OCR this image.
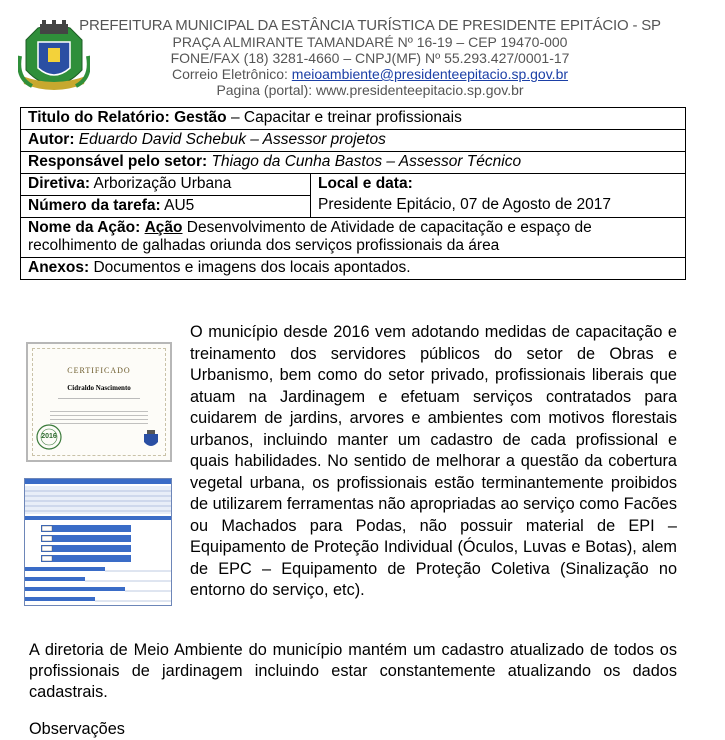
PREFEITURA MUNICIPAL DA ESTÂNCIA TURÍSTICA DE PRESIDENTE EPITÁCIO - SP
PRAÇA ALMIRANTE TAMANDARÉ Nº 16-19 – CEP 19470-000
FONE/FAX (18) 3281-4660 – CNPJ(MF) Nº 55.293.427/0001-17
Correio Eletrônico: meioambiente@presidenteepitacio.sp.gov.br
Pagina (portal): www.presidenteepitacio.sp.gov.br
Titulo do Relatório: Gestão – Capacitar e treinar profissionais
Autor: Eduardo David Schebuk – Assessor projetos
Responsável pelo setor: Thiago da Cunha Bastos – Assessor Técnico
Diretiva: Arborização Urbana	Local e data:
Presidente Epitácio, 07 de Agosto de 2017

Número da tarefa: AU5
Nome da Ação: Ação Desenvolvimento de Atividade de capacitação e espaço de recolhimento de galhadas oriunda dos serviços profissionais da área
Anexos: Documentos e imagens dos locais apontados.
CERTIFICADO
Cidraldo Nascimento
2016
O município desde 2016 vem adotando medidas de capacitação e treinamento dos servidores públicos do setor de Obras e Urbanismo, bem como do setor privado, profissionais liberais que atuam na Jardinagem e efetuam serviços contratados para cuidarem de jardins, arvores e ambientes com motivos florestais urbanos, incluindo manter um cadastro de cada profissional e quais habilidades. No sentido de melhorar a questão da cobertura vegetal urbana, os profissionais estão terminantemente proibidos de utilizarem ferramentas não apropriadas ao serviço como Facões ou Machados para Podas, não possuir material de EPI – Equipamento de Proteção Individual (Óculos, Luvas e Botas), alem de EPC – Equipamento de Proteção Coletiva (Sinalização no entorno do serviço, etc).
A diretoria de Meio Ambiente do município mantém um cadastro atualizado de todos os profissionais de jardinagem incluindo estar constantemente atualizando os dados cadastrais.
Observações
